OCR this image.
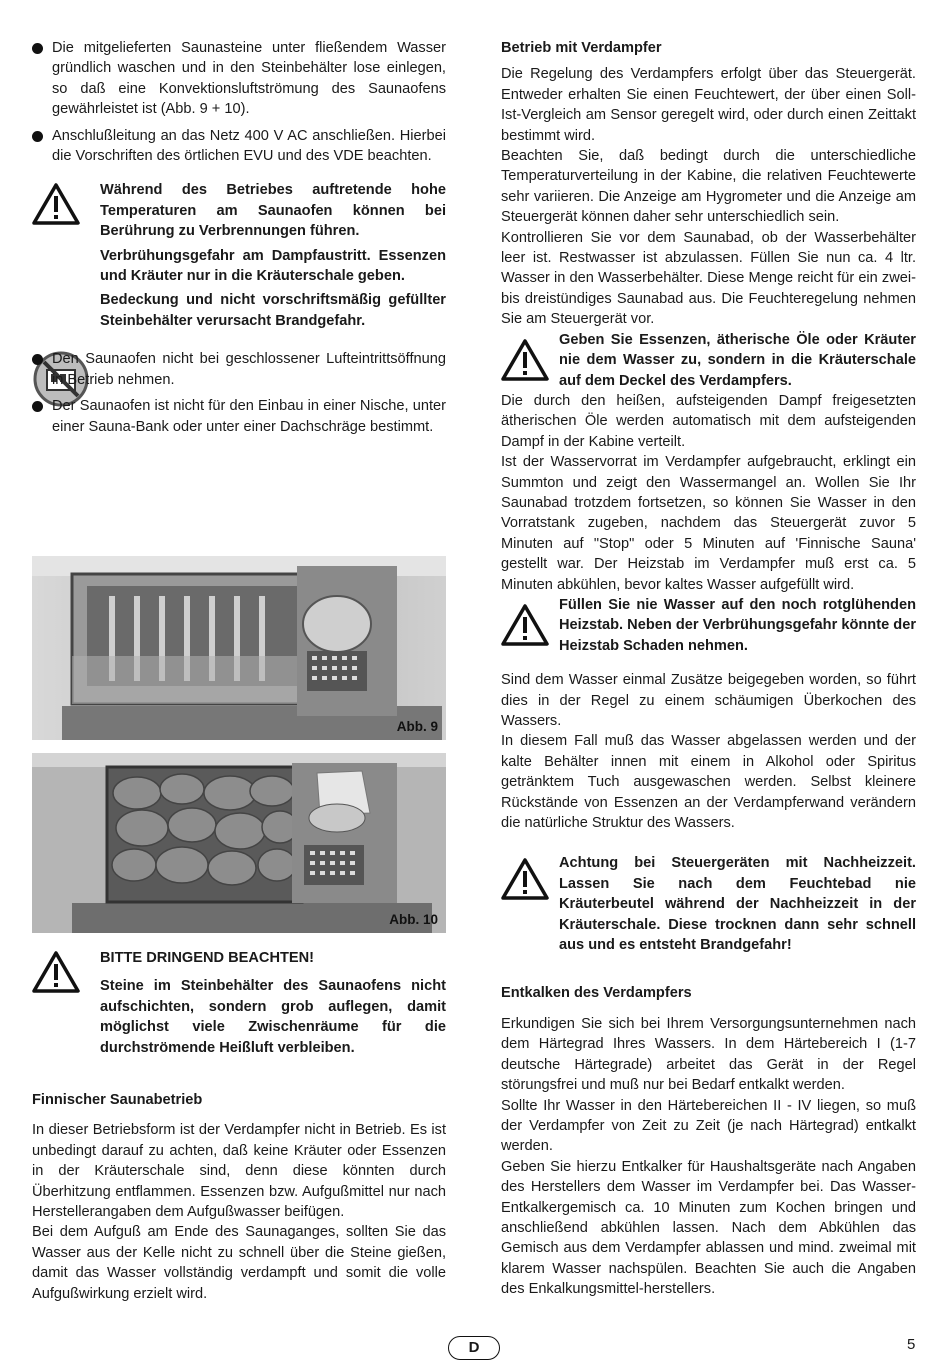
Die mitgelieferten Saunasteine unter fließendem Wasser gründlich waschen und in den Steinbehälter lose einlegen, so daß eine Konvektionsluftströmung des Saunaofens gewährleistet ist (Abb. 9 + 10).
Anschlußleitung an das Netz 400 V AC anschließen. Hierbei die Vorschriften des örtlichen EVU und des VDE beachten.

Während des Betriebes auftretende hohe Temperaturen am Saunaofen können bei Berührung zu Verbrennungen führen.

Verbrühungsgefahr am Dampfaustritt. Essenzen und Kräuter nur in die Kräuterschale geben.

Bedeckung und nicht vorschriftsmäßig gefüllter Steinbehälter verursacht Brandgefahr.

Den Saunaofen nicht bei geschlossener Lufteintrittsöffnung in Betrieb nehmen.
Der Saunaofen ist nicht für den Einbau in einer Nische, unter einer Sauna-Bank oder unter einer Dachschräge bestimmt.
Abb. 9
Abb. 10

BITTE DRINGEND BEACHTEN!

Steine im Steinbehälter des Saunaofens nicht aufschichten, sondern grob auflegen, damit möglichst viele Zwischenräume für die durchströmende Heißluft verbleiben.

Finnischer Saunabetrieb

In dieser Betriebsform ist der Verdampfer nicht in Betrieb. Es ist unbedingt darauf zu achten, daß keine Kräuter oder Essenzen in der Kräuterschale sind, denn diese könnten durch Überhitzung entflammen. Essenzen bzw. Aufgußmittel nur nach Herstellerangaben dem Aufgußwasser beifügen.

Bei dem Aufguß am Ende des Saunaganges, sollten Sie das Wasser aus der Kelle nicht zu schnell über die Steine gießen, damit das Wasser vollständig verdampft und somit die volle Aufgußwirkung erzielt wird.

Betrieb mit Verdampfer

Die Regelung des Verdampfers erfolgt über das Steuergerät. Entweder erhalten Sie einen Feuchtewert, der über einen Soll-Ist-Vergleich am Sensor geregelt wird, oder durch einen Zeittakt bestimmt wird.

Beachten Sie, daß bedingt durch die unterschiedliche Temperaturverteilung in der Kabine, die relativen Feuchtewerte sehr variieren. Die Anzeige am Hygrometer und die Anzeige am Steuergerät können daher sehr unterschiedlich sein.

Kontrollieren Sie vor dem Saunabad, ob der Wasserbehälter leer ist. Restwasser ist abzulassen. Füllen Sie nun ca. 4 ltr. Wasser in den Wasserbehälter. Diese Menge reicht für ein zwei- bis dreistündiges Saunabad aus. Die Feuchteregelung nehmen Sie am Steuergerät vor.

Geben Sie Essenzen, ätherische Öle oder Kräuter nie dem Wasser zu, sondern in die Kräuterschale auf dem Deckel des Verdampfers.

Die durch den heißen, aufsteigenden Dampf freigesetzten ätherischen Öle werden automatisch mit dem aufsteigenden Dampf in der Kabine verteilt.

Ist der Wasservorrat im Verdampfer aufgebraucht, erklingt ein Summton und zeigt den Wassermangel an. Wollen Sie Ihr Saunabad trotzdem fortsetzen, so können Sie Wasser in den Vorratstank zugeben, nachdem das Steuergerät zuvor 5 Minuten auf "Stop" oder 5 Minuten auf 'Finnische Sauna' gestellt war. Der Heizstab im Verdampfer muß erst ca. 5 Minuten abkühlen, bevor kaltes Wasser aufgefüllt wird.

Füllen Sie nie Wasser auf den noch rotglühenden Heizstab. Neben der Verbrühungsgefahr könnte der Heizstab Schaden nehmen.

Sind dem Wasser einmal Zusätze beigegeben worden, so führt dies in der Regel zu einem schäumigen Überkochen des Wassers.

In diesem Fall muß das Wasser abgelassen werden und der kalte Behälter innen mit einem in Alkohol oder Spiritus getränktem Tuch ausgewaschen werden. Selbst kleinere Rückstände von Essenzen an der Verdampferwand verändern die natürliche Struktur des Wassers.

Achtung bei Steuergeräten mit Nachheizzeit. Lassen Sie nach dem Feuchtebad nie Kräuterbeutel während der Nachheizzeit in der Kräuterschale. Diese trocknen dann sehr schnell aus und es entsteht Brandgefahr!

Entkalken des Verdampfers

Erkundigen Sie sich bei Ihrem Versorgungsunternehmen nach dem Härtegrad Ihres Wassers. In dem Härtebereich I (1-7 deutsche Härtegrade) arbeitet das Gerät in der Regel störungsfrei und muß nur bei Bedarf entkalkt werden.

Sollte Ihr Wasser in den Härtebereichen II - IV liegen, so muß der Verdampfer von Zeit zu Zeit (je nach Härtegrad) entkalkt werden.

Geben Sie hierzu Entkalker für Haushaltsgeräte nach Angaben des Herstellers dem Wasser im Verdampfer bei. Das Wasser-Entkalkergemisch ca. 10 Minuten zum Kochen bringen und anschließend abkühlen lassen. Nach dem Abkühlen das Gemisch aus dem Verdampfer ablassen und mind. zweimal mit klarem Wasser nachspülen. Beachten Sie auch die Angaben des Enkalkungsmittel-herstellers.

D	5
